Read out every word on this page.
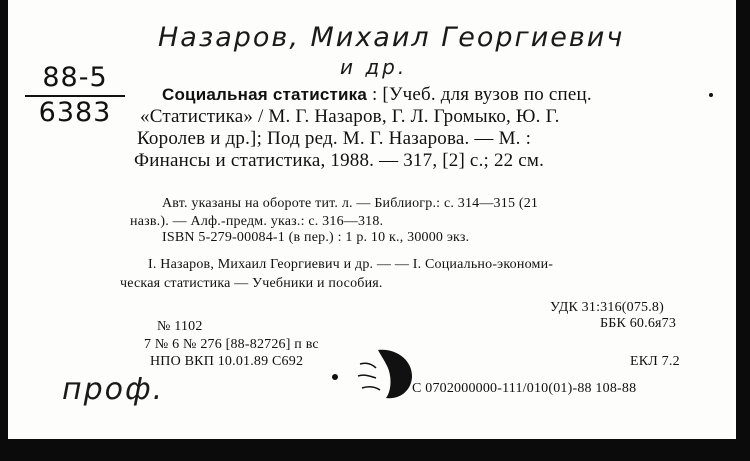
Назаров, Михаил Георгиевич
и др.
88-5
6383
Социальная статистика : [Учеб. для вузов по спец.
«Статистика» / М. Г. Назаров, Г. Л. Громыко, Ю. Г.
Королев и др.]; Под ред. М. Г. Назарова. — М. :
Финансы и статистика, 1988. — 317, [2] с.; 22 см.
Авт. указаны на обороте тит. л. — Библиогр.: с. 314—315 (21
назв.). — Алф.-предм. указ.: с. 316—318.
ISBN 5-279-00084-1 (в пер.) : 1 р. 10 к., 30000 экз.
I. Назаров, Михаил Георгиевич и др. — — I. Социально-экономи-
ческая статистика — Учебники и пособия.
УДК 31:316(075.8)
ББК 60.6я73
№ 1102
7 № 6 № 276 [88-82726] п вс
НПО ВКП 10.01.89 С692	ЕКЛ 7.2
С 0702000000-111/010(01)-88 108-88
проф.
